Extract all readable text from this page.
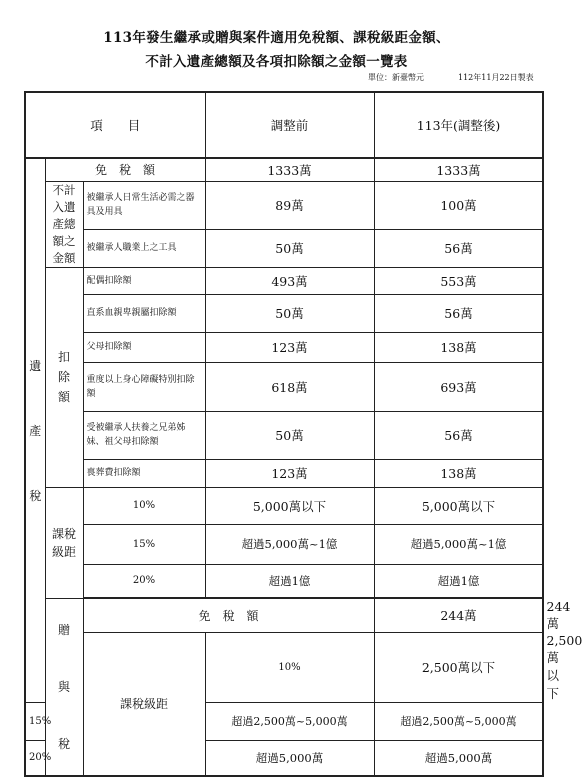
113年發生繼承或贈與案件適用免稅額、課稅級距金額、
不計入遺產總額及各項扣除額之金額一覽表
單位：新臺幣元	112年11月22日製表
項　　目			調整前	113年(調整後)	

遺
產
稅	免　稅　額		1333萬	1333萬	
	不計入遺產總額之金額	被繼承人日常生活必需之器具及用具	89萬	100萬	
		被繼承人職業上之工具	50萬	56萬	
	扣除額	配偶扣除額	493萬	553萬	
		直系血親卑親屬扣除額	50萬	56萬	
		父母扣除額	123萬	138萬	
		重度以上身心障礙特別扣除額	618萬	693萬	
		受被繼承人扶養之兄弟姊妹、祖父母扣除額	50萬	56萬	
		喪葬費扣除額	123萬	138萬	
	課稅級距	10%	5,000萬以下	5,000萬以下	
		15%	超過5,000萬~1億	超過5,000萬~1億	
		20%	超過1億	超過1億	

	贈
與
稅	免　稅　額		244萬	244萬
		課稅級距	10%	2,500萬以下	2,500萬以下
15%			超過2,500萬~5,000萬	超過2,500萬~5,000萬	
20%			超過5,000萬	超過5,000萬	
